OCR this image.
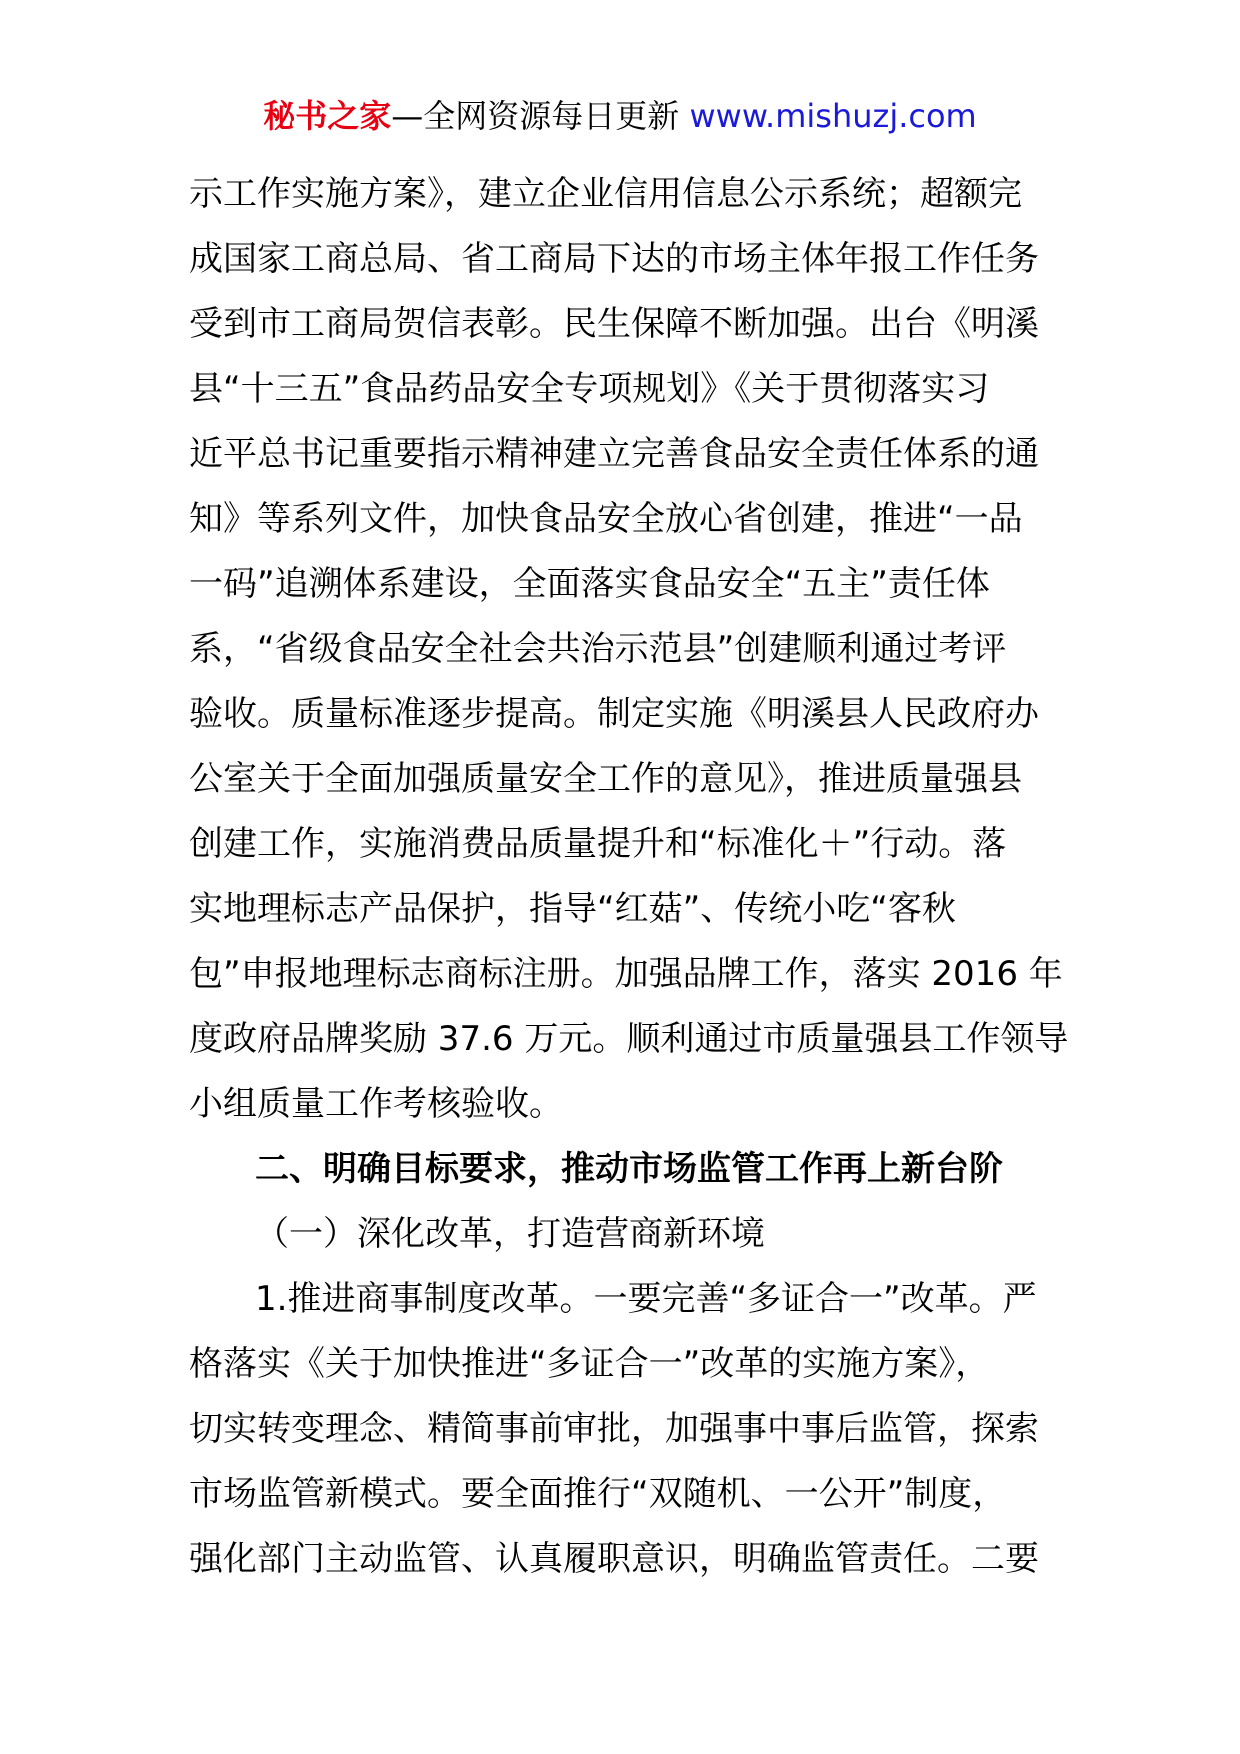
秘书之家—全网资源每日更新 www.mishuzj.com
示工作实施方案》，建立企业信用信息公示系统；超额完
成国家工商总局、省工商局下达的市场主体年报工作任务
受到市工商局贺信表彰。民生保障不断加强。出台《明溪
县“十三五”食品药品安全专项规划》《关于贯彻落实习
近平总书记重要指示精神建立完善食品安全责任体系的通
知》等系列文件，加快食品安全放心省创建，推进“一品
一码”追溯体系建设，全面落实食品安全“五主”责任体
系，“省级食品安全社会共治示范县”创建顺利通过考评
验收。质量标准逐步提高。制定实施《明溪县人民政府办
公室关于全面加强质量安全工作的意见》，推进质量强县
创建工作，实施消费品质量提升和“标准化＋”行动。落
实地理标志产品保护，指导“红菇”、传统小吃“客秋
包”申报地理标志商标注册。加强品牌工作，落实 2016 年
度政府品牌奖励 37.6 万元。顺利通过市质量强县工作领导
小组质量工作考核验收。
二、明确目标要求，推动市场监管工作再上新台阶
（一）深化改革，打造营商新环境
1.推进商事制度改革。一要完善“多证合一”改革。严
格落实《关于加快推进“多证合一”改革的实施方案》，
切实转变理念、精简事前审批，加强事中事后监管，探索
市场监管新模式。要全面推行“双随机、一公开”制度，
强化部门主动监管、认真履职意识，明确监管责任。二要
